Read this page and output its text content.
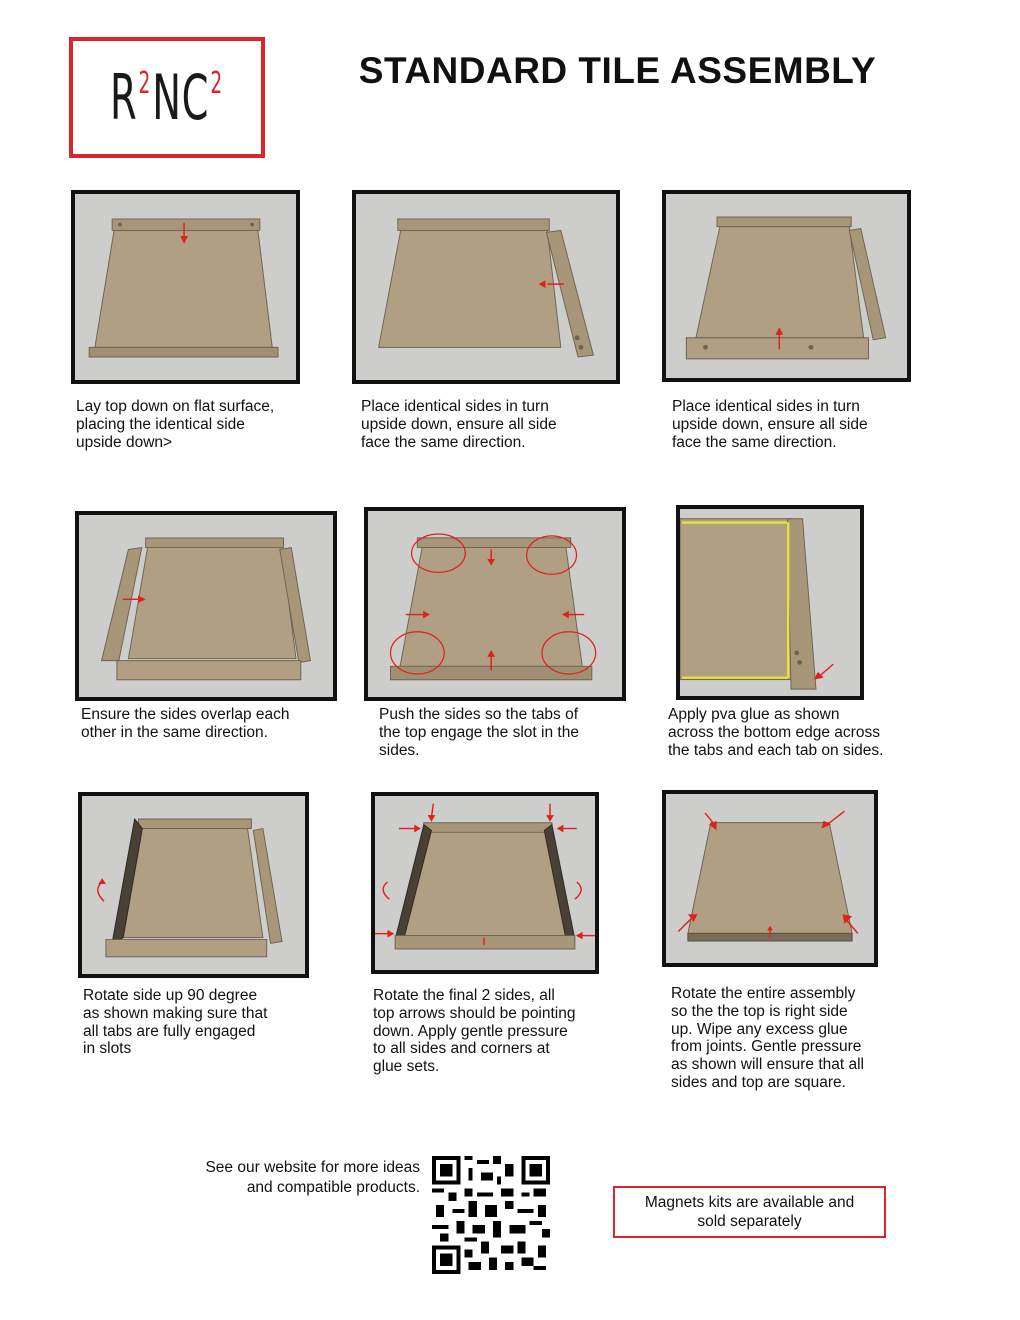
R 2 NC 2	STANDARD TILE ASSEMBLY
Lay top down on flat surface,
placing the identical side
upside down>
Place identical sides in turn
upside down, ensure all side
face the same direction.
Place identical sides in turn
upside down, ensure all side
face the same direction.
Ensure the sides overlap each
other in the same direction.
Push the sides so the tabs of
the top engage the slot in the
sides.
Apply pva glue as shown
across the bottom edge across
the tabs and each tab on sides.
Rotate side up 90 degree
as shown making sure that
all tabs are fully engaged
in slots
Rotate the final 2 sides, all
top arrows should be pointing
down. Apply gentle pressure
to all sides and corners at
glue sets.
Rotate the entire assembly
so the the top is right side
up. Wipe any excess glue
from joints. Gentle pressure
as shown will ensure that all
sides and top are square.
See our website for more ideas
and compatible products.
Magnets kits are available and
sold separately
